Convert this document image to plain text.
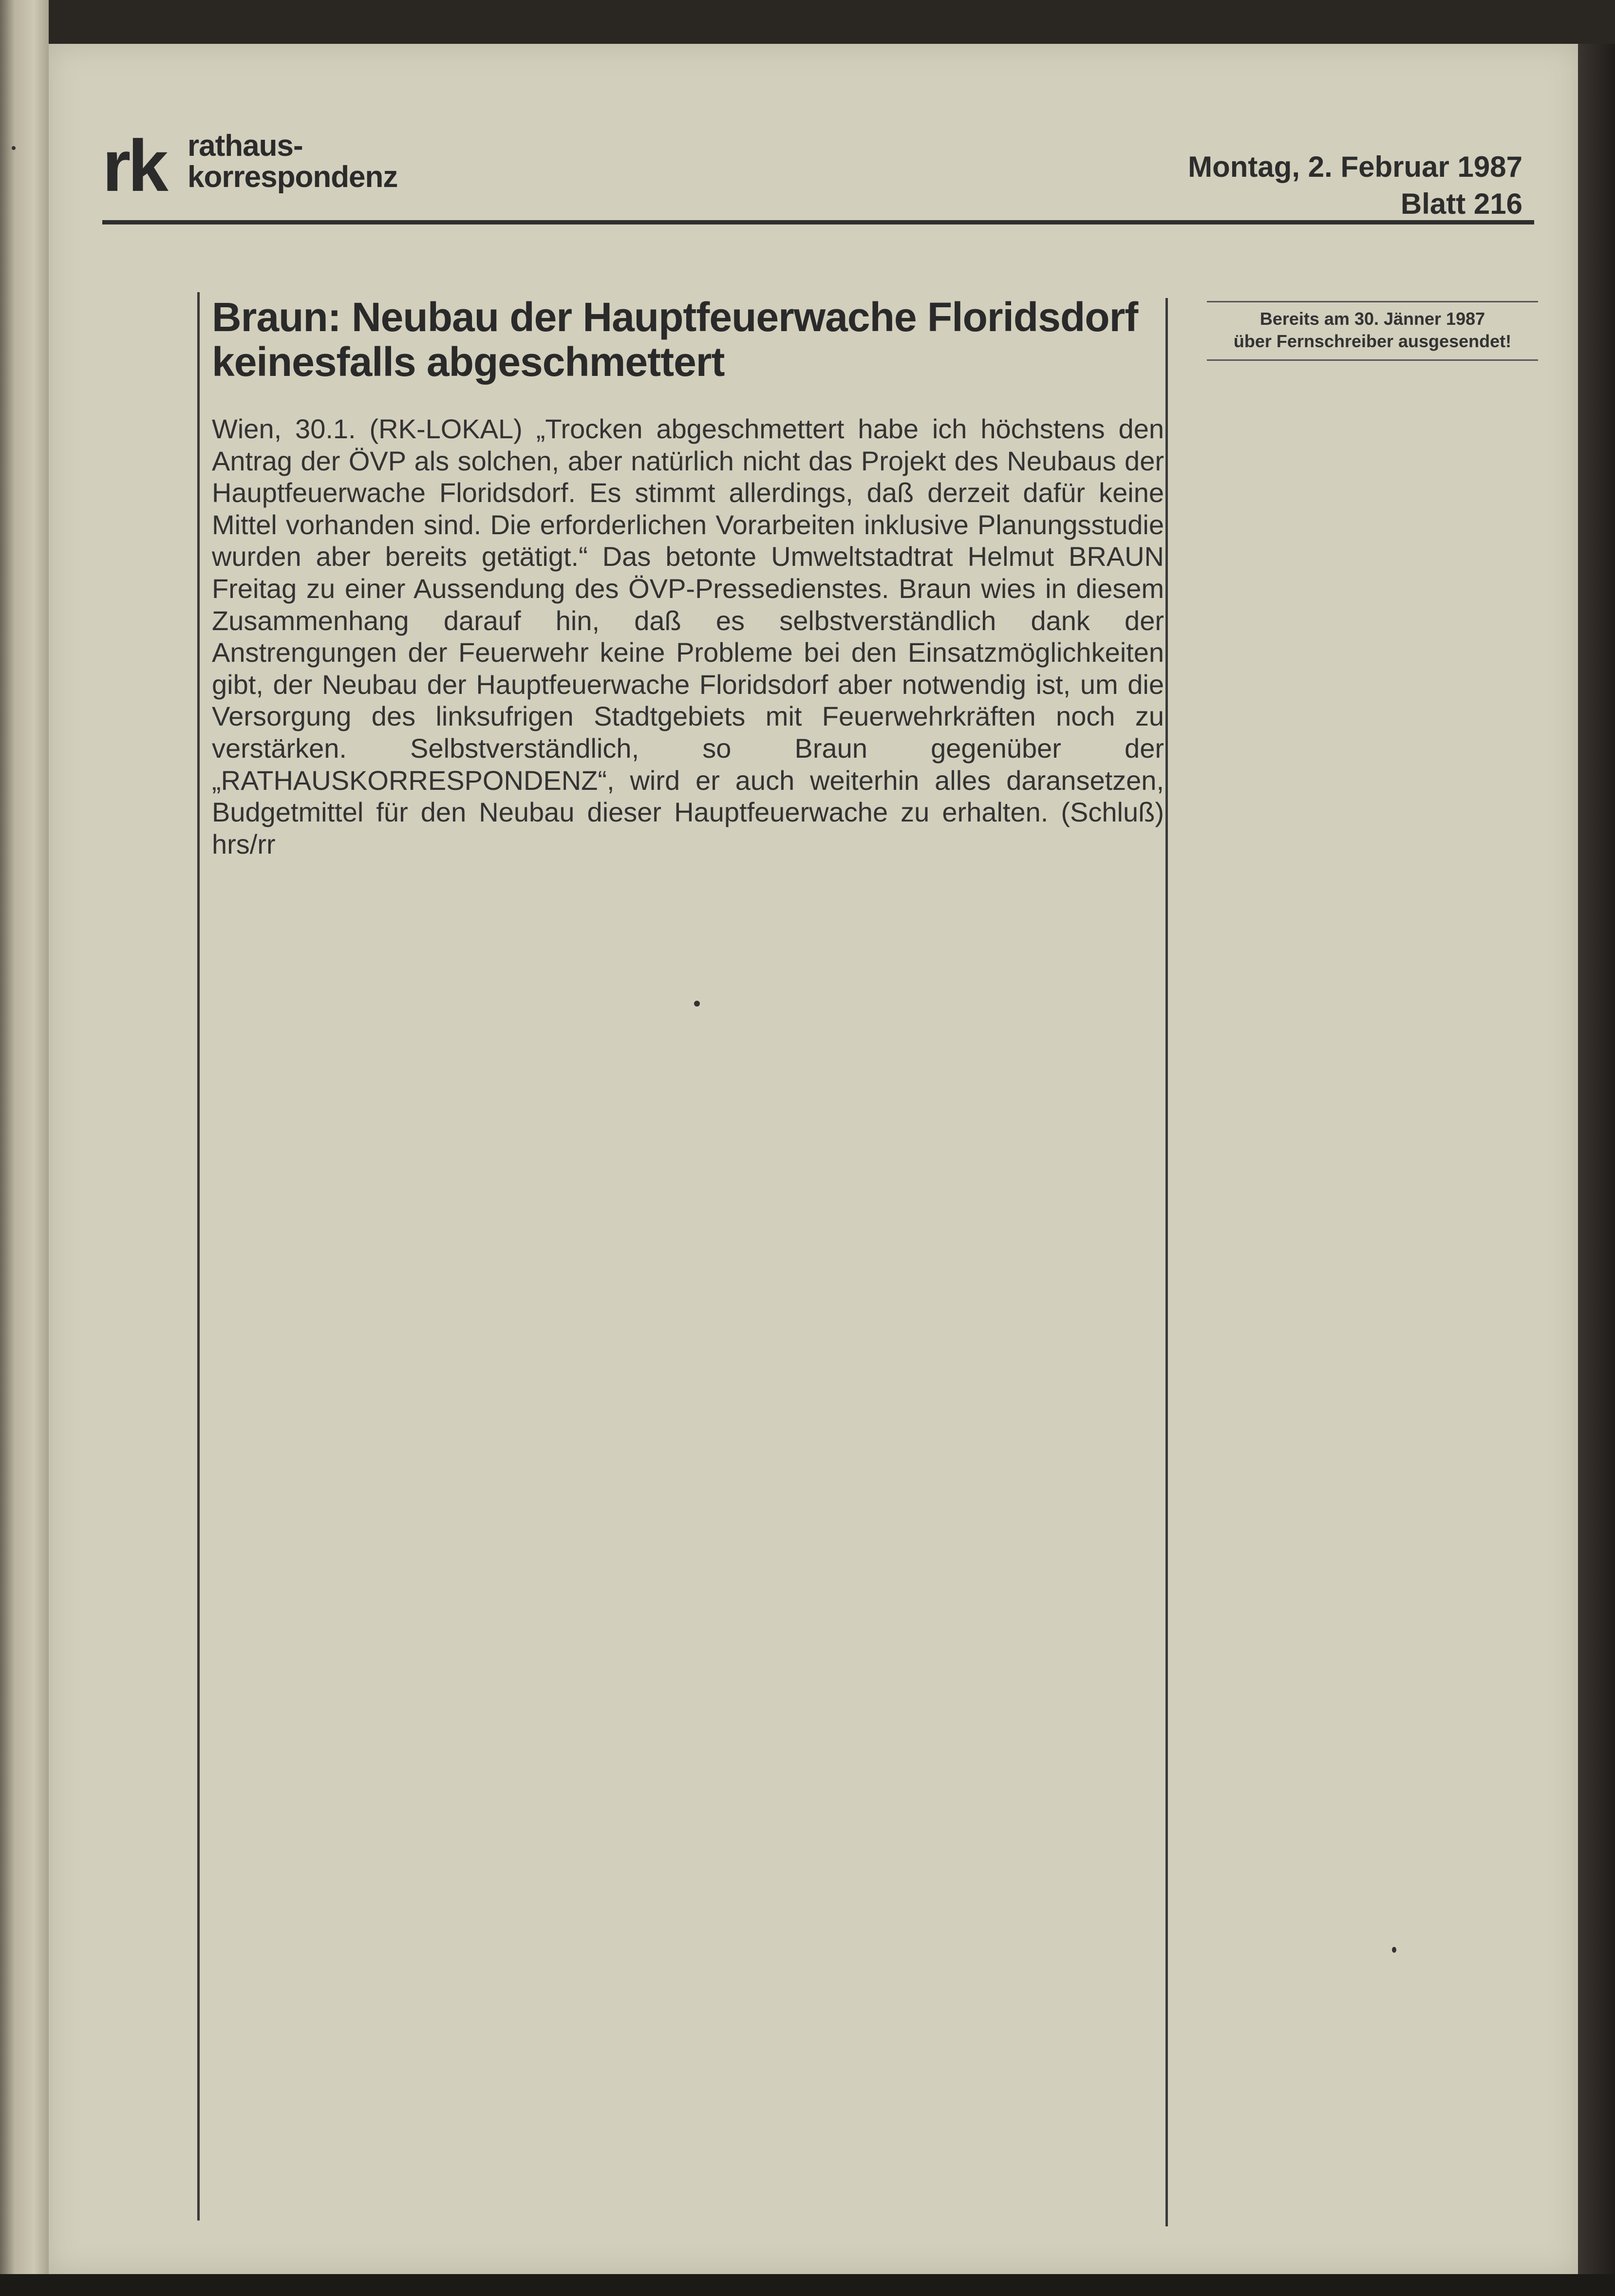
rk rathaus-
korrespondenz	Montag, 2. Februar 1987
Blatt 216
Braun: Neubau der Hauptfeuerwache Floridsdorf
keinesfalls abgeschmettert
Wien, 30.1. (RK-LOKAL) „Trocken abgeschmettert habe ich höchstens den Antrag der ÖVP als solchen, aber natürlich nicht das Projekt des Neubaus der Hauptfeuerwache Floridsdorf. Es stimmt allerdings, daß derzeit dafür keine Mittel vorhanden sind. Die erforderlichen Vorarbeiten inklusive Planungsstudie wurden aber bereits getätigt.“ Das betonte Umweltstadtrat Helmut BRAUN Freitag zu einer Aussendung des ÖVP-Pressedienstes. Braun wies in diesem Zusammenhang darauf hin, daß es selbstverständlich dank der Anstrengungen der Feuerwehr keine Probleme bei den Einsatzmöglichkeiten gibt, der Neubau der Hauptfeuerwache Floridsdorf aber notwendig ist, um die Versorgung des linksufrigen Stadtgebiets mit Feuerwehrkräften noch zu verstärken. Selbstverständlich, so Braun gegenüber der „RATHAUSKORRESPONDENZ“, wird er auch weiterhin alles daransetzen, Budgetmittel für den Neubau dieser Hauptfeuerwache zu erhalten. (Schluß) hrs/rr
Bereits am 30. Jänner 1987
über Fernschreiber ausgesendet!
